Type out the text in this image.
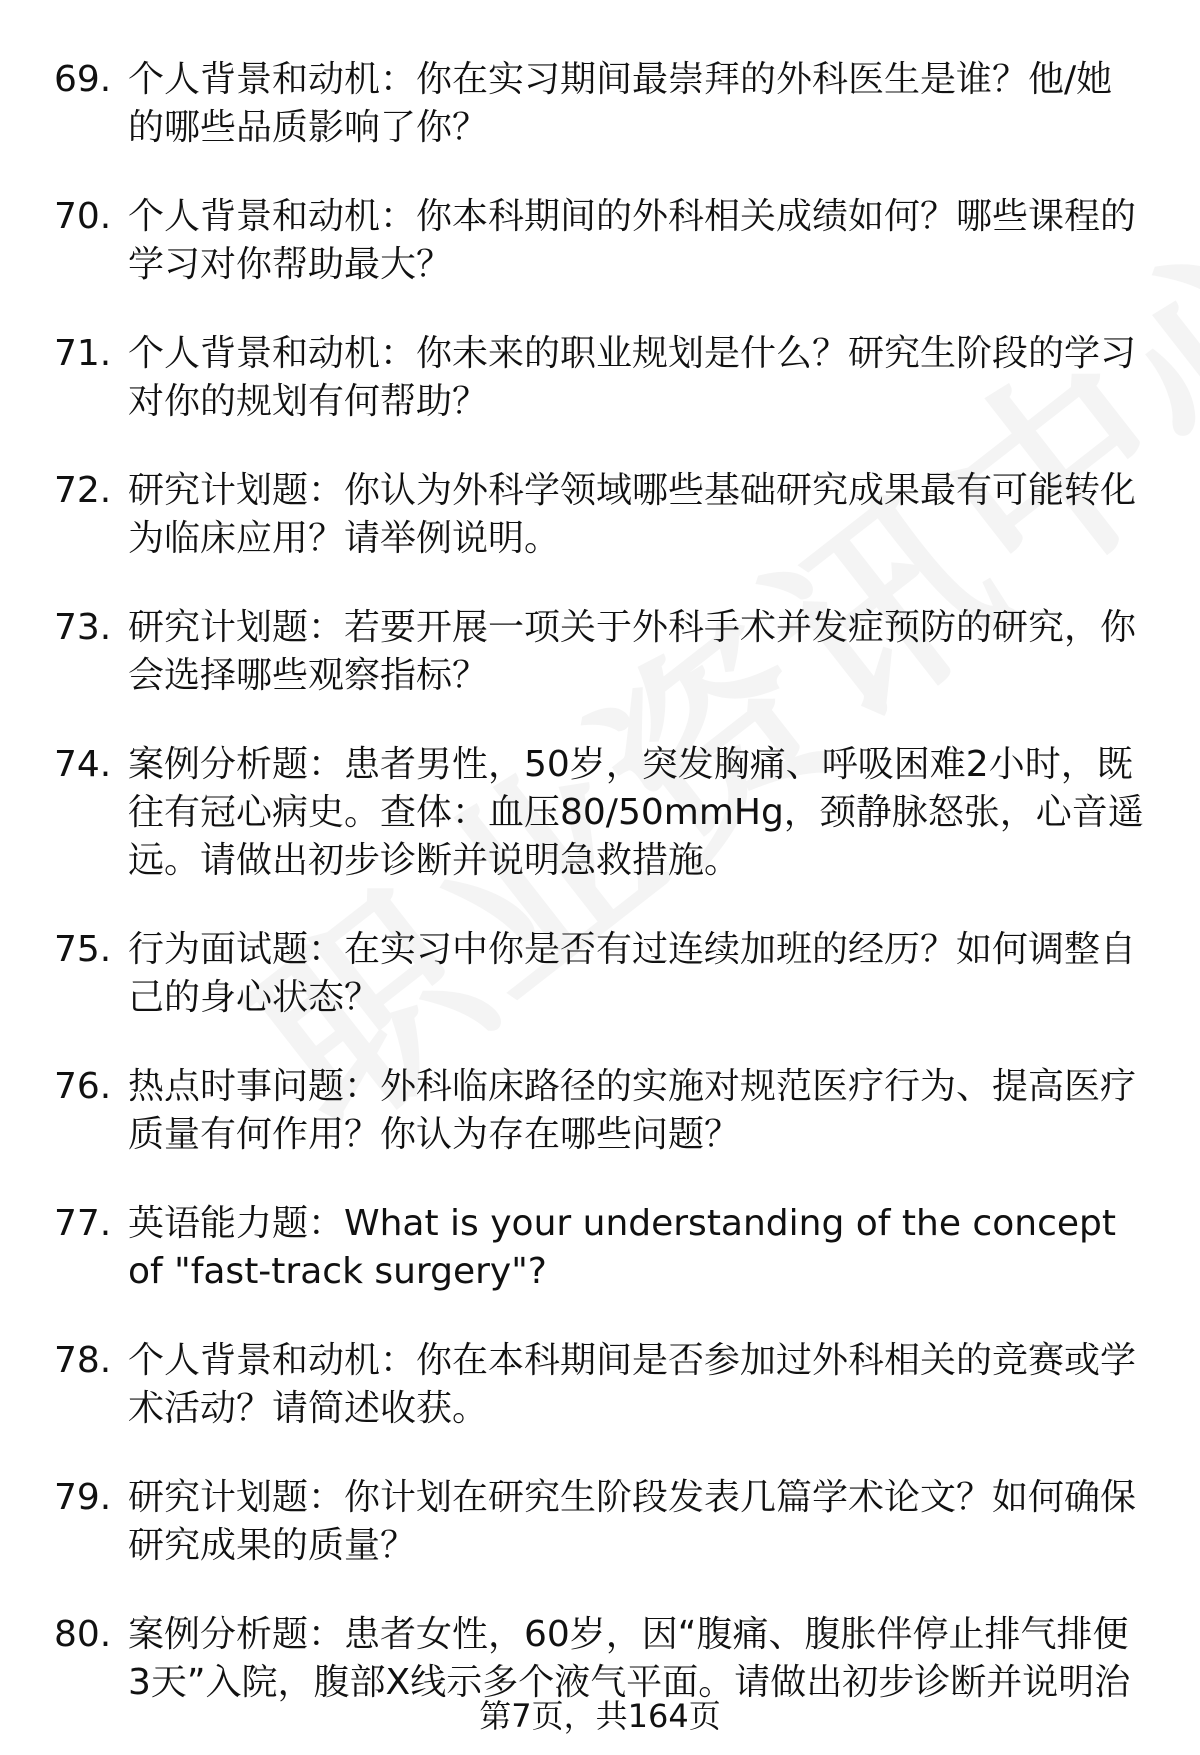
69. 个人背景和动机：你在实习期间最崇拜的外科医生是谁？他/她的哪些品质影响了你？
70. 个人背景和动机：你本科期间的外科相关成绩如何？哪些课程的学习对你帮助最大？
71. 个人背景和动机：你未来的职业规划是什么？研究生阶段的学习对你的规划有何帮助？
72. 研究计划题：你认为外科学领域哪些基础研究成果最有可能转化为临床应用？请举例说明。
73. 研究计划题：若要开展一项关于外科手术并发症预防的研究，你会选择哪些观察指标？
74. 案例分析题：患者男性，50岁，突发胸痛、呼吸困难2小时，既往有冠心病史。查体：血压80/50mmHg，颈静脉怒张，心音遥远。请做出初步诊断并说明急救措施。
75. 行为面试题：在实习中你是否有过连续加班的经历？如何调整自己的身心状态？
76. 热点时事问题：外科临床路径的实施对规范医疗行为、提高医疗质量有何作用？你认为存在哪些问题？
77. 英语能力题：What is your understanding of the concept of "fast-track surgery"?
78. 个人背景和动机：你在本科期间是否参加过外科相关的竞赛或学术活动？请简述收获。
79. 研究计划题：你计划在研究生阶段发表几篇学术论文？如何确保研究成果的质量？
80. 案例分析题：患者女性，60岁，因“腹痛、腹胀伴停止排气排便3天”入院，腹部X线示多个液气平面。请做出初步诊断并说明治
第7页，共164页
